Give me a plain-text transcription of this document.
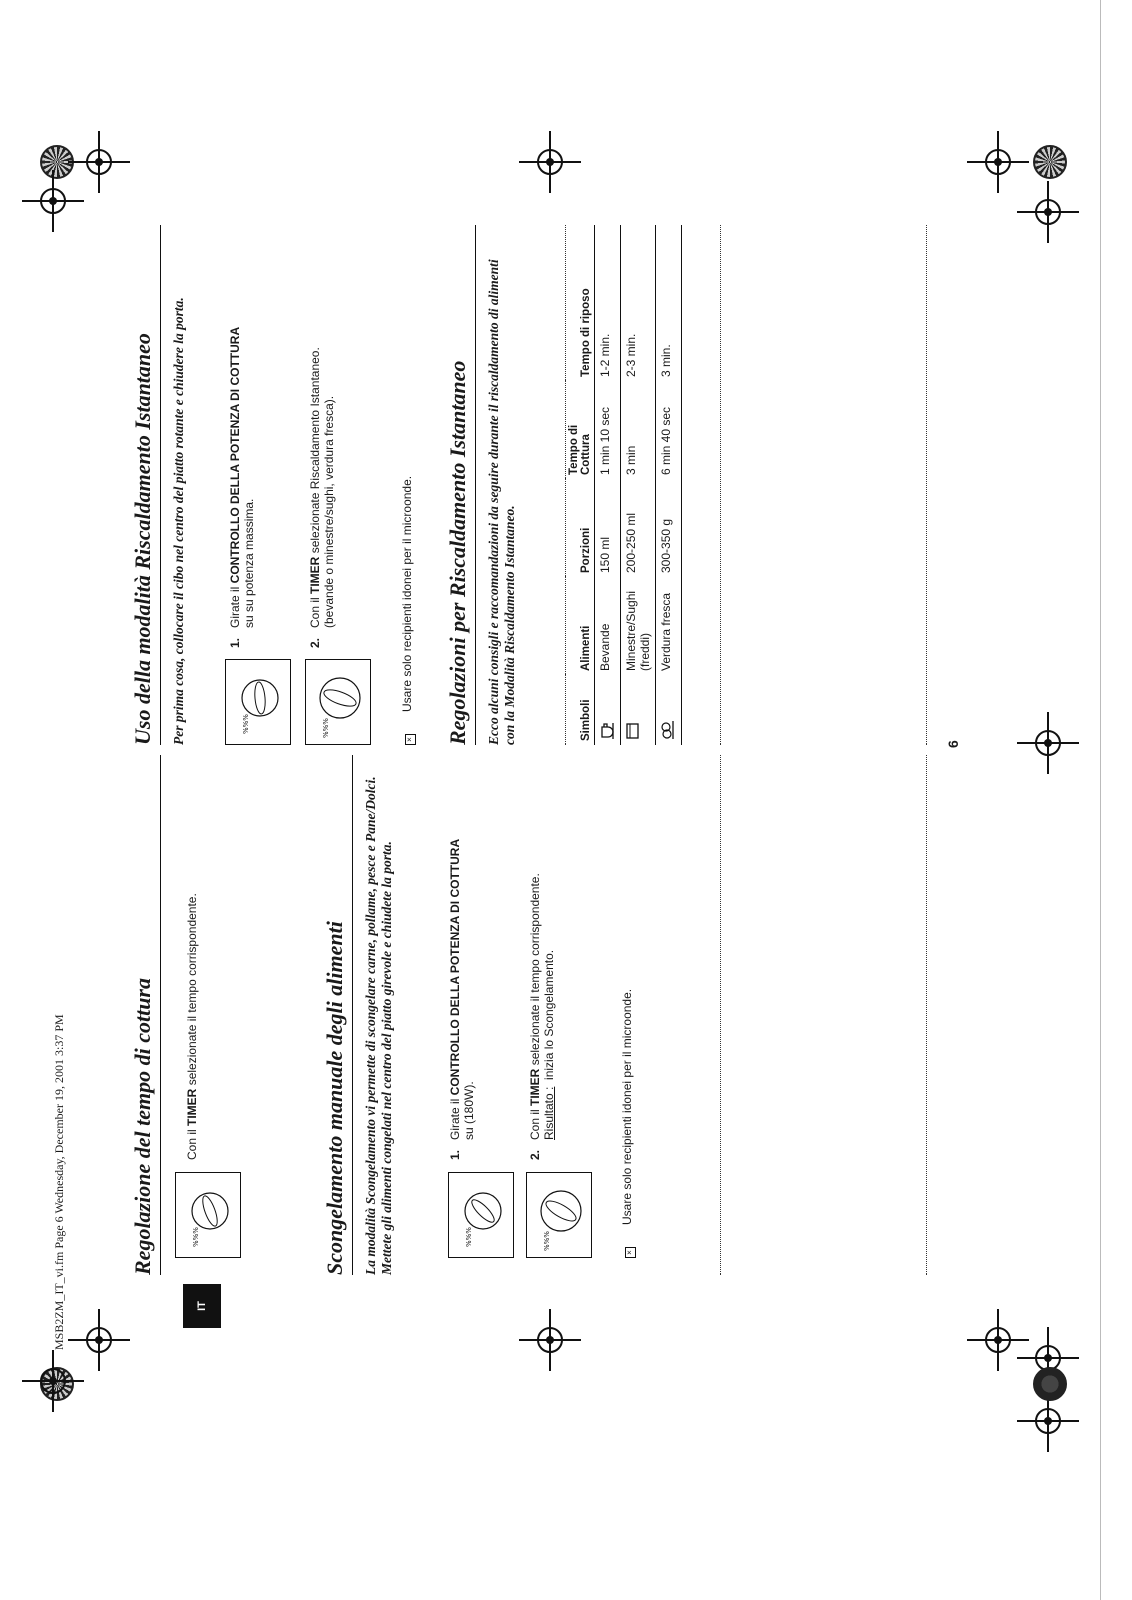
MSB2ZM_IT_vi.fm Page 6 Wednesday, December 19, 2001 3:37 PM	IT
Regolazione del tempo di cottura	%%%
Con il TIMER selezionate il tempo corrispondente.	Scongelamento manuale degli alimenti	La modalità Scongelamento vi permette di scongelare carne, pollame, pesce e Pane/Dolci. Mettete gli alimenti congelati nel centro del piatto girevole e chiudete la porta.	%%%
1.Girate il CONTROLLO DELLA POTENZA DI COTTURA
su (180W).
%%%
2.Con il TIMER selezionate il tempo corrispondente.
Risultato :  inizia lo Scongelamento.
×Usare solo recipienti idonei per il microonde.
Uso della modalità Riscaldamento Istantaneo	Per prima cosa, collocare il cibo nel centro del piatto rotante e chiudere la porta.	%%%
1.Girate il CONTROLLO DELLA POTENZA DI COTTURA
su su potenza massima.
%%%
2.Con il TIMER selezionate Riscaldamento Istantaneo.
(bevande o minestre/sughi, verdura fresca).
×Usare solo recipienti idonei per il microonde. Regolazioni per Riscaldamento Istantaneo	Ecco alcuni consigli e raccomandazioni da seguire durante il riscaldamento di alimenti con la Modalità Riscaldamento Istantaneo.	Simboli	Alimenti	Porzioni	Tempo di Cottura	Tempo di riposo
	Bevande	150 ml	1 min 10 sec	1-2 min.
	Minestre/Sughi (freddi)	200-250 ml	3 min	2-3 min.
	Verdura fresca	300-350 g	6 min 40 sec	3 min.
6
